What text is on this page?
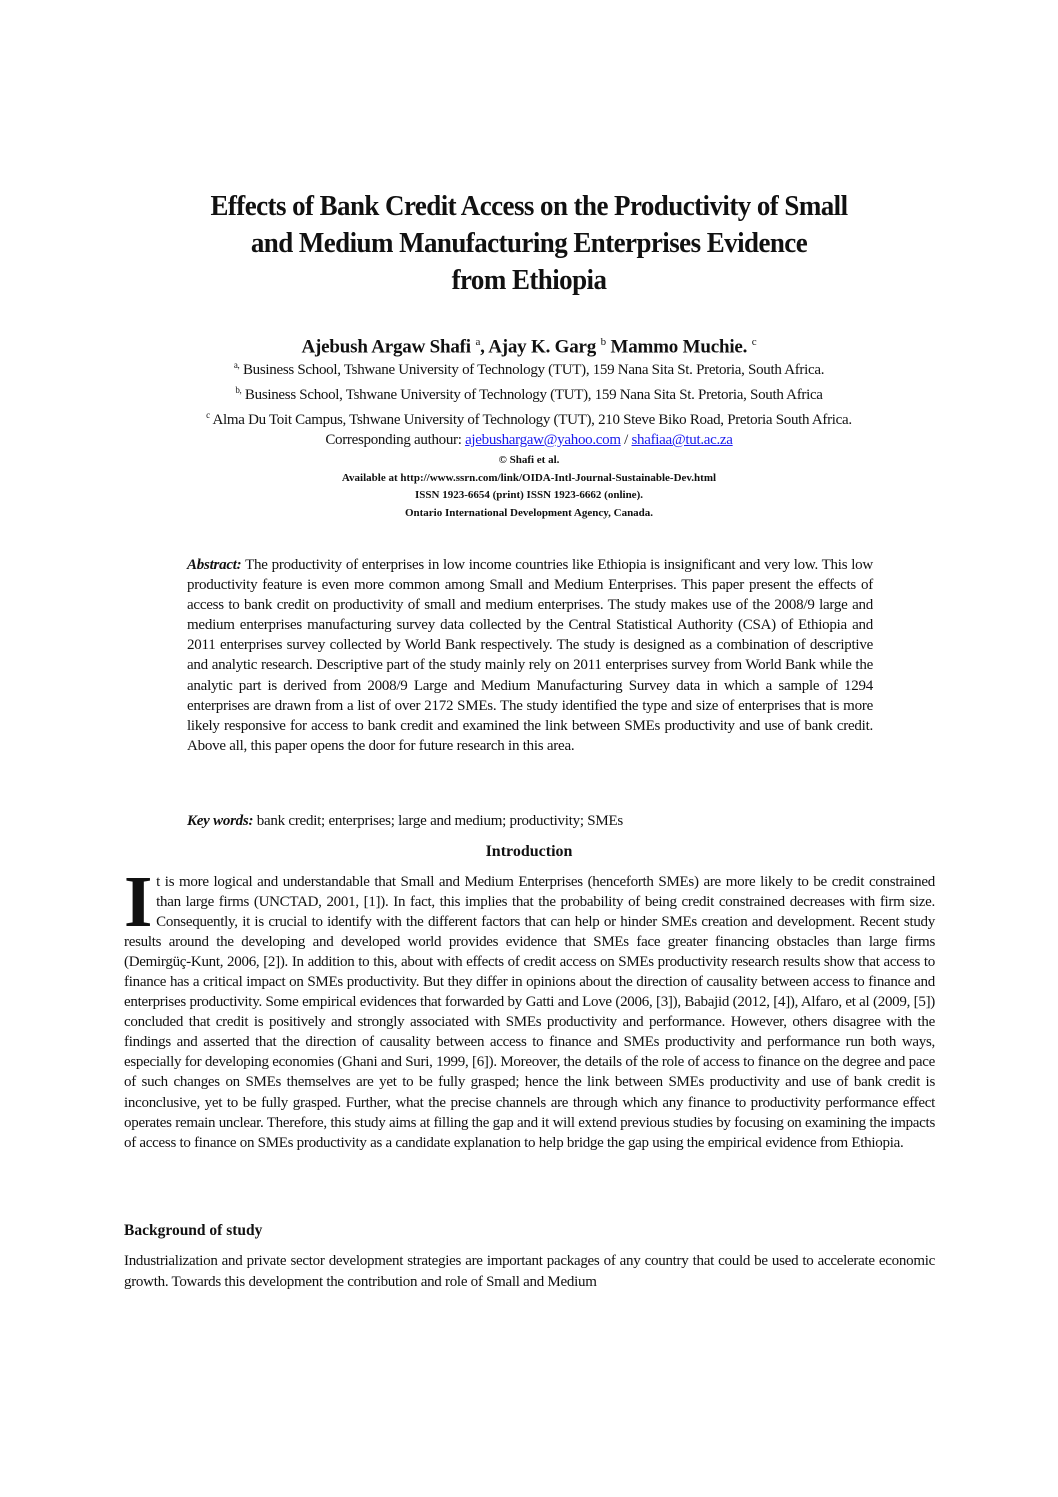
Effects of Bank Credit Access on the Productivity of Small
and Medium Manufacturing Enterprises Evidence
from Ethiopia
Ajebush Argaw Shafi $^a$, Ajay K. Garg $^b$ Mammo Muchie. $^c$
$^{a,}$ Business School, Tshwane University of Technology (TUT), 159 Nana Sita St. Pretoria, South Africa.
$^{b,}$ Business School, Tshwane University of Technology (TUT), 159 Nana Sita St. Pretoria, South Africa
$^c$ Alma Du Toit Campus, Tshwane University of Technology (TUT), 210 Steve Biko Road, Pretoria South Africa.
Corresponding authour: ajebushargaw@yahoo.com / shafiaa@tut.ac.za
© Shafi et al.
Available at http://www.ssrn.com/link/OIDA-Intl-Journal-Sustainable-Dev.html
ISSN 1923-6654 (print) ISSN 1923-6662 (online).
Ontario International Development Agency, Canada.
Abstract: The productivity of enterprises in low income countries like Ethiopia is insignificant and very low. This low productivity feature is even more common among Small and Medium Enterprises. This paper present the effects of access to bank credit on productivity of small and medium enterprises. The study makes use of the 2008/9 large and medium enterprises manufacturing survey data collected by the Central Statistical Authority (CSA) of Ethiopia and 2011 enterprises survey collected by World Bank respectively. The study is designed as a combination of descriptive and analytic research. Descriptive part of the study mainly rely on 2011 enterprises survey from World Bank while the analytic part is derived from 2008/9 Large and Medium Manufacturing Survey data in which a sample of 1294 enterprises are drawn from a list of over 2172 SMEs. The study identified the type and size of enterprises that is more likely responsive for access to bank credit and examined the link between SMEs productivity and use of bank credit. Above all, this paper opens the door for future research in this area.
Key words: bank credit; enterprises; large and medium; productivity; SMEs
Introduction
It is more logical and understandable that Small and Medium Enterprises (henceforth SMEs) are more likely to be credit constrained than large firms (UNCTAD, 2001, [1]). In fact, this implies that the probability of being credit constrained decreases with firm size. Consequently, it is crucial to identify with the different factors that can help or hinder SMEs creation and development. Recent study results around the developing and developed world provides evidence that SMEs face greater financing obstacles than large firms (Demirgüç-Kunt, 2006, [2]). In addition to this, about with effects of credit access on SMEs productivity research results show that access to finance has a critical impact on SMEs productivity. But they differ in opinions about the direction of causality between access to finance and enterprises productivity. Some empirical evidences that forwarded by Gatti and Love (2006, [3]), Babajid (2012, [4]), Alfaro, et al (2009, [5]) concluded that credit is positively and strongly associated with SMEs productivity and performance. However, others disagree with the findings and asserted that the direction of causality between access to finance and SMEs productivity and performance run both ways, especially for developing economies (Ghani and Suri, 1999, [6]). Moreover, the details of the role of access to finance on the degree and pace of such changes on SMEs themselves are yet to be fully grasped; hence the link between SMEs productivity and use of bank credit is inconclusive, yet to be fully grasped. Further, what the precise channels are through which any finance to productivity performance effect operates remain unclear. Therefore, this study aims at filling the gap and it will extend previous studies by focusing on examining the impacts of access to finance on SMEs productivity as a candidate explanation to help bridge the gap using the empirical evidence from Ethiopia.
Background of study
Industrialization and private sector development strategies are important packages of any country that could be used to accelerate economic growth. Towards this development the contribution and role of Small and Medium
